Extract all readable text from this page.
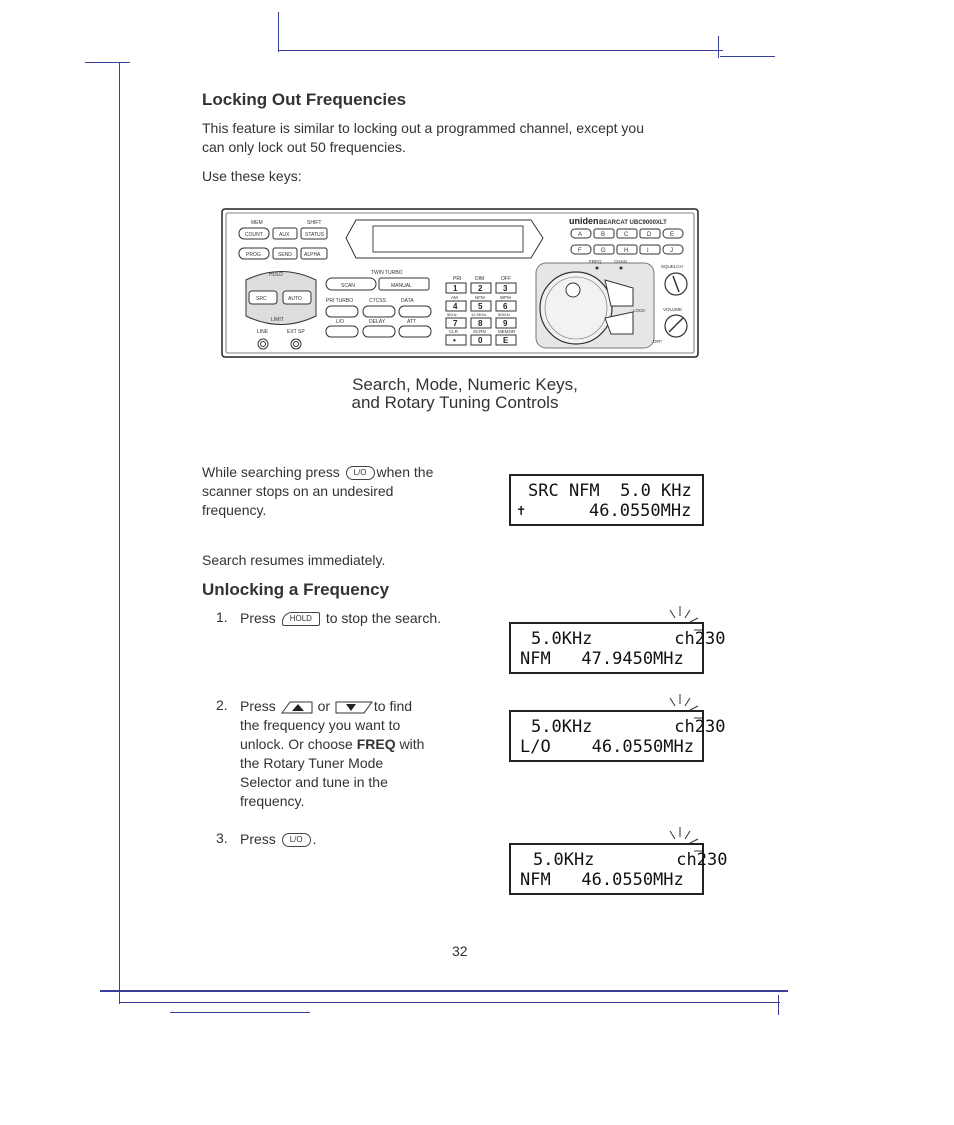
Locking Out Frequencies

This feature is similar to locking out a programmed channel, except you

can only lock out 50 frequencies.

Use these keys:

MEM	SHIFT
COUNT	AUX	STATUS
PROG	SEND ALPHA
HOLD
SRC	AUTO
LIMIT
LINE	EXT SP
TWIN TURBO
SCAN	MANUAL
PRI TURBO	CTCSS	DATA
L/O	DELAY	ATT
PRI	DIM	OFF
1	2	3
AM	NFM	WFM
4	5	6
5KHz	12.5KHz	50KHz
7	8	9
CLR	SCRN	MEMOR
•	0	E
uniden BEARCAT UBC9000XLT
A	B	C	D	E
F	G	H	I	J
FREQ	CHAN
LOCK
SQUELCH
VOLUME
OFF
Search, Mode, Numeric Keys,
and Rotary Tuning Controls

While searching press L/O when the

scanner stops on an undesired

frequency.

SRC NFM  5.0 KHz
✝	46.0550MHz

Search resumes immediately.

Unlocking a Frequency
1. Press HOLD to stop the search.

5.0KHz        ch230
NFM   47.9450MHz
2. Press	or	to find

the frequency you want to

unlock. Or choose FREQ with

the Rotary Tuner Mode

Selector and tune in the

frequency.

5.0KHz        ch230
L/O    46.0550MHz
3. Press L/O .

5.0KHz        ch230
NFM   46.0550MHz
32
